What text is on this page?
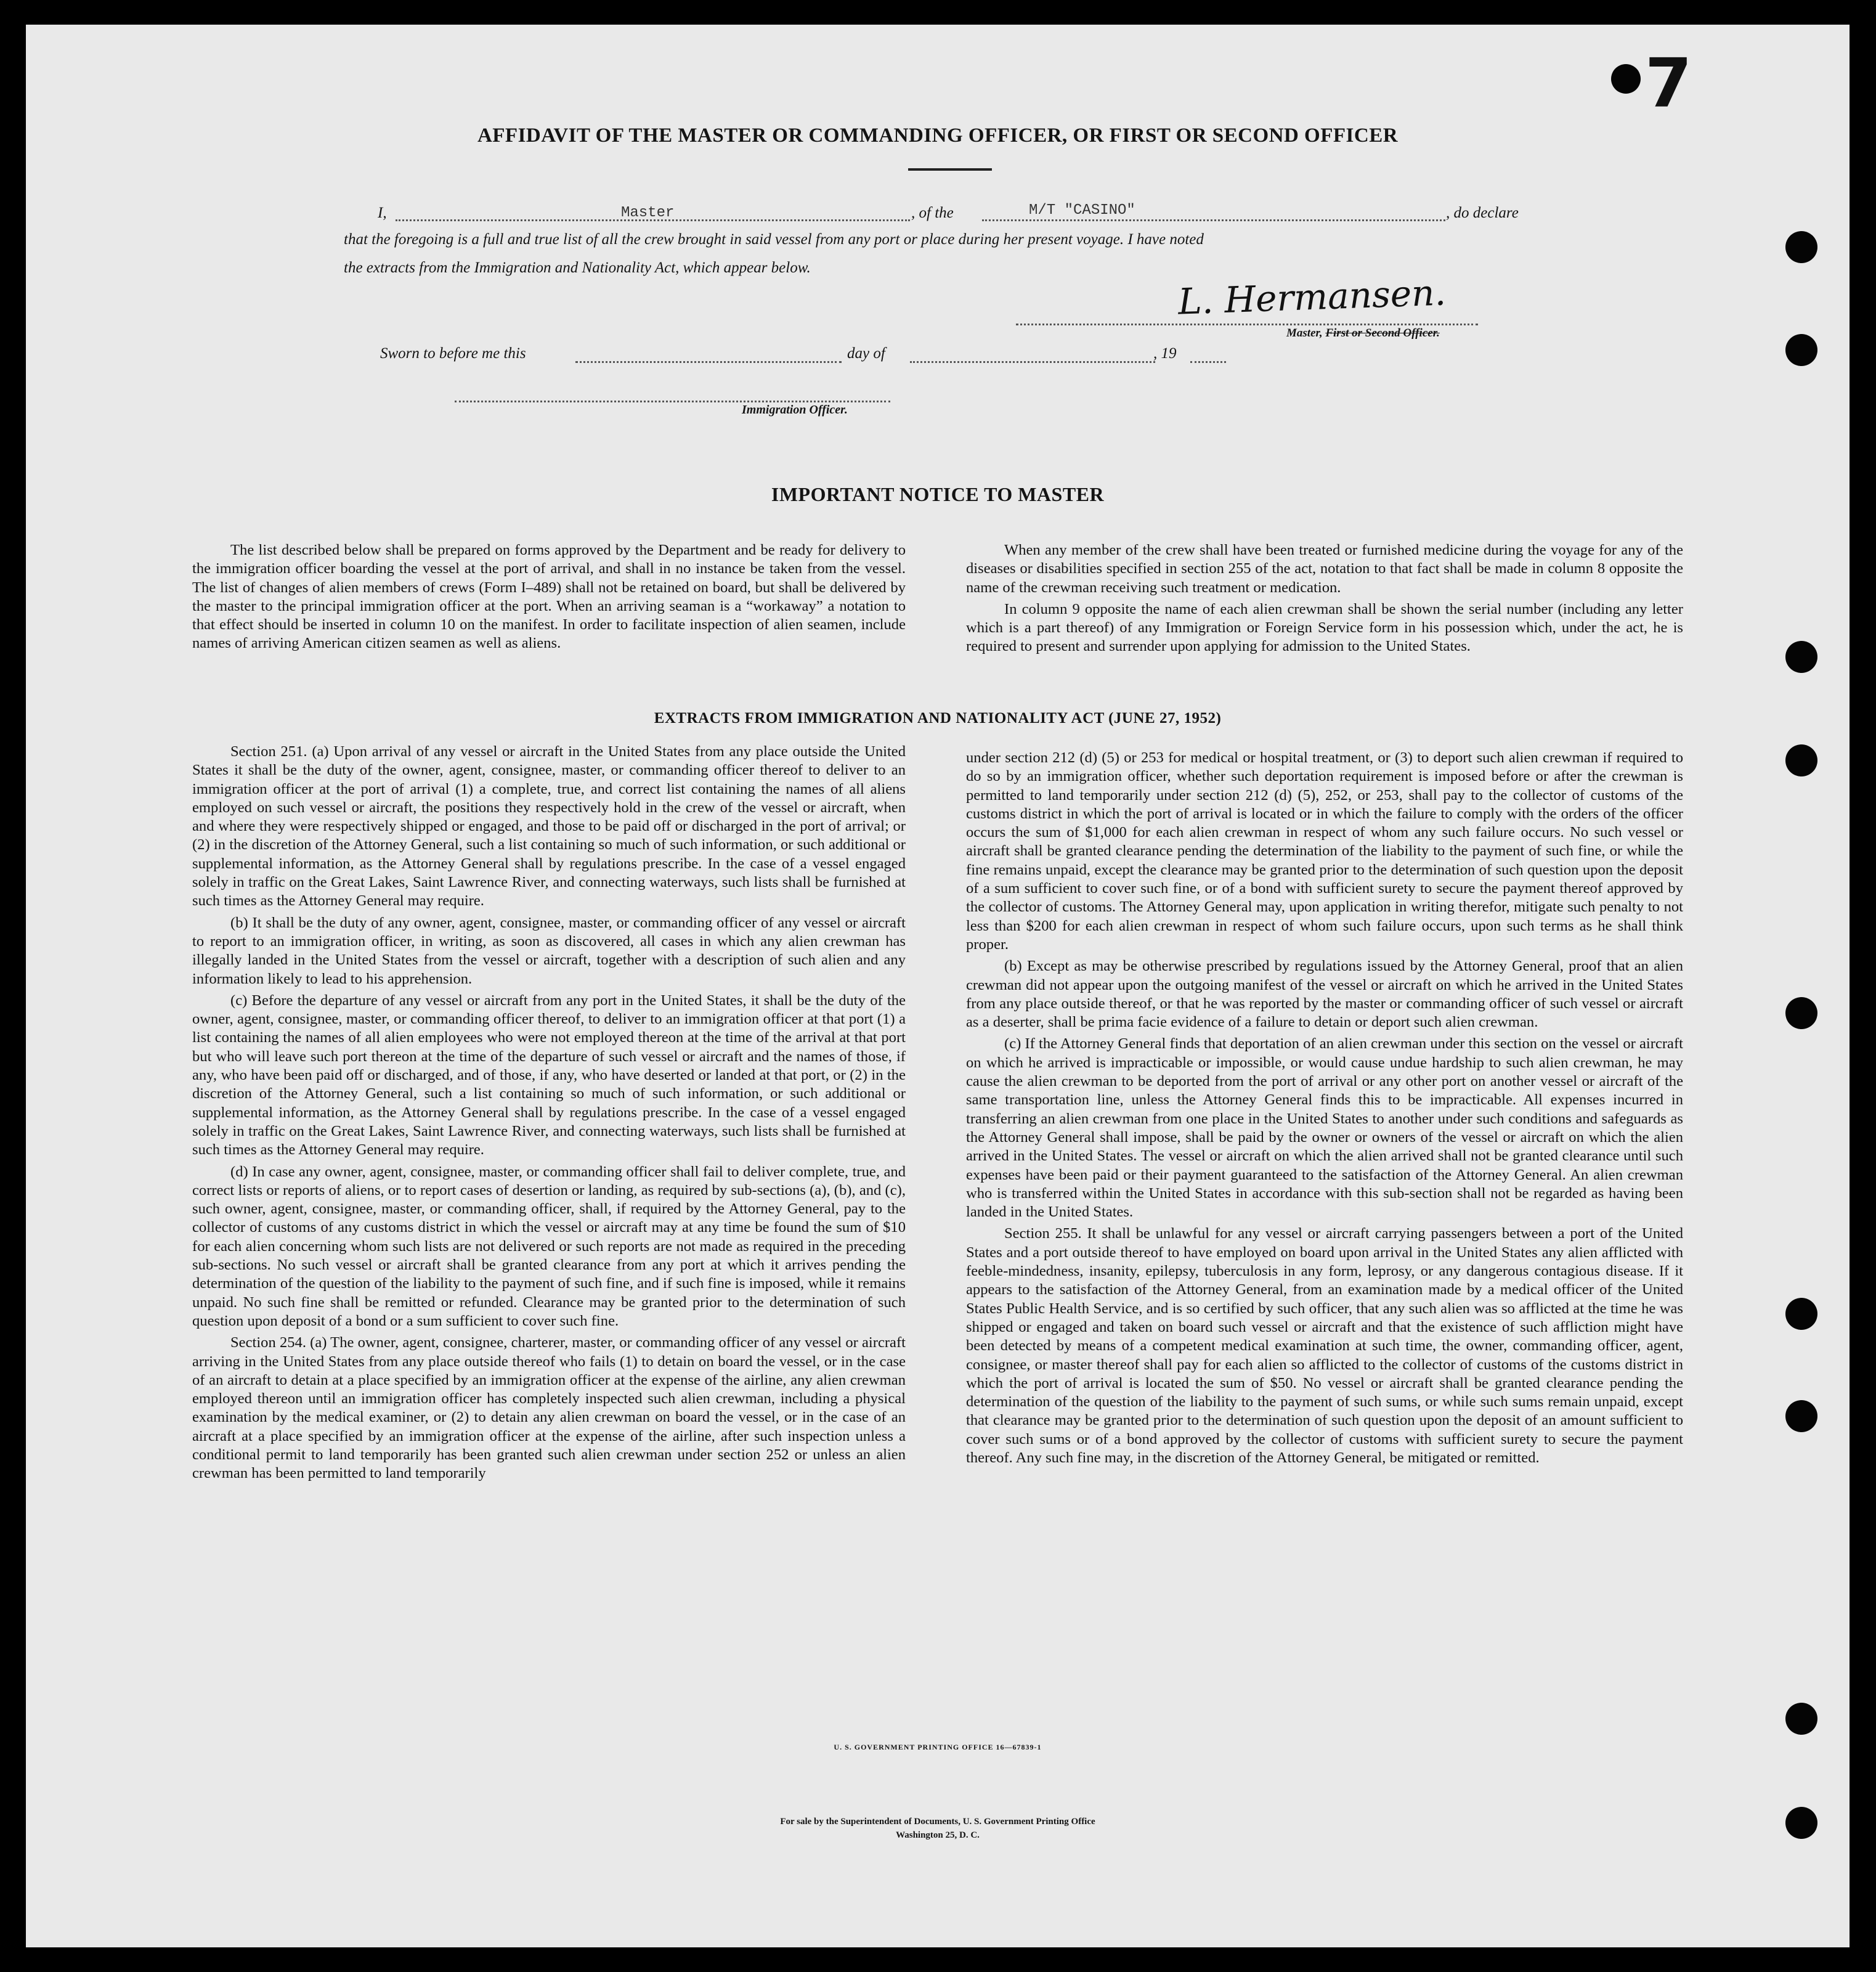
7
AFFIDAVIT OF THE MASTER OR COMMANDING OFFICER, OR FIRST OR SECOND OFFICER
I,	Master	, of the	M/T "CASINO"	, do declare
that the foregoing is a full and true list of all the crew brought in said vessel from any port or place during her present voyage. I have noted
the extracts from the Immigration and Nationality Act, which appear below.
L. Hermansen.
Master, First or Second Officer.
Sworn to before me this	day of	, 19
Immigration Officer.
IMPORTANT NOTICE TO MASTER

The list described below shall be prepared on forms approved by the Department and be ready for delivery to the immigration officer boarding the vessel at the port of arrival, and shall in no instance be taken from the vessel. The list of changes of alien members of crews (Form I–489) shall not be retained on board, but shall be delivered by the master to the principal immigration officer at the port. When an arriving seaman is a “workaway” a notation to that effect should be inserted in column 10 on the manifest. In order to facilitate inspection of alien seamen, include names of arriving American citizen seamen as well as aliens.

When any member of the crew shall have been treated or furnished medicine during the voyage for any of the diseases or disabilities specified in section 255 of the act, notation to that fact shall be made in column 8 opposite the name of the crewman receiving such treatment or medication.

In column 9 opposite the name of each alien crewman shall be shown the serial number (including any letter which is a part thereof) of any Immigration or Foreign Service form in his possession which, under the act, he is required to present and surrender upon applying for admission to the United States.

EXTRACTS FROM IMMIGRATION AND NATIONALITY ACT (JUNE 27, 1952)

Section 251. (a) Upon arrival of any vessel or aircraft in the United States from any place outside the United States it shall be the duty of the owner, agent, consignee, master, or commanding officer thereof to deliver to an immigration officer at the port of arrival (1) a complete, true, and correct list containing the names of all aliens employed on such vessel or aircraft, the positions they respectively hold in the crew of the vessel or aircraft, when and where they were respectively shipped or engaged, and those to be paid off or discharged in the port of arrival; or (2) in the discretion of the Attorney General, such a list containing so much of such information, or such additional or supplemental information, as the Attorney General shall by regulations prescribe. In the case of a vessel engaged solely in traffic on the Great Lakes, Saint Lawrence River, and connecting waterways, such lists shall be furnished at such times as the Attorney General may require.

(b) It shall be the duty of any owner, agent, consignee, master, or commanding officer of any vessel or aircraft to report to an immigration officer, in writing, as soon as discovered, all cases in which any alien crewman has illegally landed in the United States from the vessel or aircraft, together with a description of such alien and any information likely to lead to his apprehension.

(c) Before the departure of any vessel or aircraft from any port in the United States, it shall be the duty of the owner, agent, consignee, master, or commanding officer thereof, to deliver to an immigration officer at that port (1) a list containing the names of all alien employees who were not employed thereon at the time of the arrival at that port but who will leave such port thereon at the time of the departure of such vessel or aircraft and the names of those, if any, who have been paid off or discharged, and of those, if any, who have deserted or landed at that port, or (2) in the discretion of the Attorney General, such a list containing so much of such information, or such additional or supplemental information, as the Attorney General shall by regulations prescribe. In the case of a vessel engaged solely in traffic on the Great Lakes, Saint Lawrence River, and connecting waterways, such lists shall be furnished at such times as the Attorney General may require.

(d) In case any owner, agent, consignee, master, or commanding officer shall fail to deliver complete, true, and correct lists or reports of aliens, or to report cases of desertion or landing, as required by sub-sections (a), (b), and (c), such owner, agent, consignee, master, or commanding officer, shall, if required by the Attorney General, pay to the collector of customs of any customs district in which the vessel or aircraft may at any time be found the sum of $10 for each alien concerning whom such lists are not delivered or such reports are not made as required in the preceding sub-sections. No such vessel or aircraft shall be granted clearance from any port at which it arrives pending the determination of the question of the liability to the payment of such fine, and if such fine is imposed, while it remains unpaid. No such fine shall be remitted or refunded. Clearance may be granted prior to the determination of such question upon deposit of a bond or a sum sufficient to cover such fine.

Section 254. (a) The owner, agent, consignee, charterer, master, or commanding officer of any vessel or aircraft arriving in the United States from any place outside thereof who fails (1) to detain on board the vessel, or in the case of an aircraft to detain at a place specified by an immigration officer at the expense of the airline, any alien crewman employed thereon until an immigration officer has completely inspected such alien crewman, including a physical examination by the medical examiner, or (2) to detain any alien crewman on board the vessel, or in the case of an aircraft at a place specified by an immigration officer at the expense of the airline, after such inspection unless a conditional permit to land temporarily has been granted such alien crewman under section 252 or unless an alien crewman has been permitted to land temporarily

under section 212 (d) (5) or 253 for medical or hospital treatment, or (3) to deport such alien crewman if required to do so by an immigration officer, whether such deportation requirement is imposed before or after the crewman is permitted to land temporarily under section 212 (d) (5), 252, or 253, shall pay to the collector of customs of the customs district in which the port of arrival is located or in which the failure to comply with the orders of the officer occurs the sum of $1,000 for each alien crewman in respect of whom any such failure occurs. No such vessel or aircraft shall be granted clearance pending the determination of the liability to the payment of such fine, or while the fine remains unpaid, except the clearance may be granted prior to the determination of such question upon the deposit of a sum sufficient to cover such fine, or of a bond with sufficient surety to secure the payment thereof approved by the collector of customs. The Attorney General may, upon application in writing therefor, mitigate such penalty to not less than $200 for each alien crewman in respect of whom such failure occurs, upon such terms as he shall think proper.

(b) Except as may be otherwise prescribed by regulations issued by the Attorney General, proof that an alien crewman did not appear upon the outgoing manifest of the vessel or aircraft on which he arrived in the United States from any place outside thereof, or that he was reported by the master or commanding officer of such vessel or aircraft as a deserter, shall be prima facie evidence of a failure to detain or deport such alien crewman.

(c) If the Attorney General finds that deportation of an alien crewman under this section on the vessel or aircraft on which he arrived is impracticable or impossible, or would cause undue hardship to such alien crewman, he may cause the alien crewman to be deported from the port of arrival or any other port on another vessel or aircraft of the same transportation line, unless the Attorney General finds this to be impracticable. All expenses incurred in transferring an alien crewman from one place in the United States to another under such conditions and safeguards as the Attorney General shall impose, shall be paid by the owner or owners of the vessel or aircraft on which the alien arrived in the United States. The vessel or aircraft on which the alien arrived shall not be granted clearance until such expenses have been paid or their payment guaranteed to the satisfaction of the Attorney General. An alien crewman who is transferred within the United States in accordance with this sub-section shall not be regarded as having been landed in the United States.

Section 255. It shall be unlawful for any vessel or aircraft carrying passengers between a port of the United States and a port outside thereof to have employed on board upon arrival in the United States any alien afflicted with feeble-mindedness, insanity, epilepsy, tuberculosis in any form, leprosy, or any dangerous contagious disease. If it appears to the satisfaction of the Attorney General, from an examination made by a medical officer of the United States Public Health Service, and is so certified by such officer, that any such alien was so afflicted at the time he was shipped or engaged and taken on board such vessel or aircraft and that the existence of such affliction might have been detected by means of a competent medical examination at such time, the owner, commanding officer, agent, consignee, or master thereof shall pay for each alien so afflicted to the collector of customs of the customs district in which the port of arrival is located the sum of $50. No vessel or aircraft shall be granted clearance pending the determination of the question of the liability to the payment of such sums, or while such sums remain unpaid, except that clearance may be granted prior to the determination of such question upon the deposit of an amount sufficient to cover such sums or of a bond approved by the collector of customs with sufficient surety to secure the payment thereof. Any such fine may, in the discretion of the Attorney General, be mitigated or remitted.

U. S. GOVERNMENT PRINTING OFFICE 16—67839-1
For sale by the Superintendent of Documents, U. S. Government Printing Office
Washington 25, D. C.
